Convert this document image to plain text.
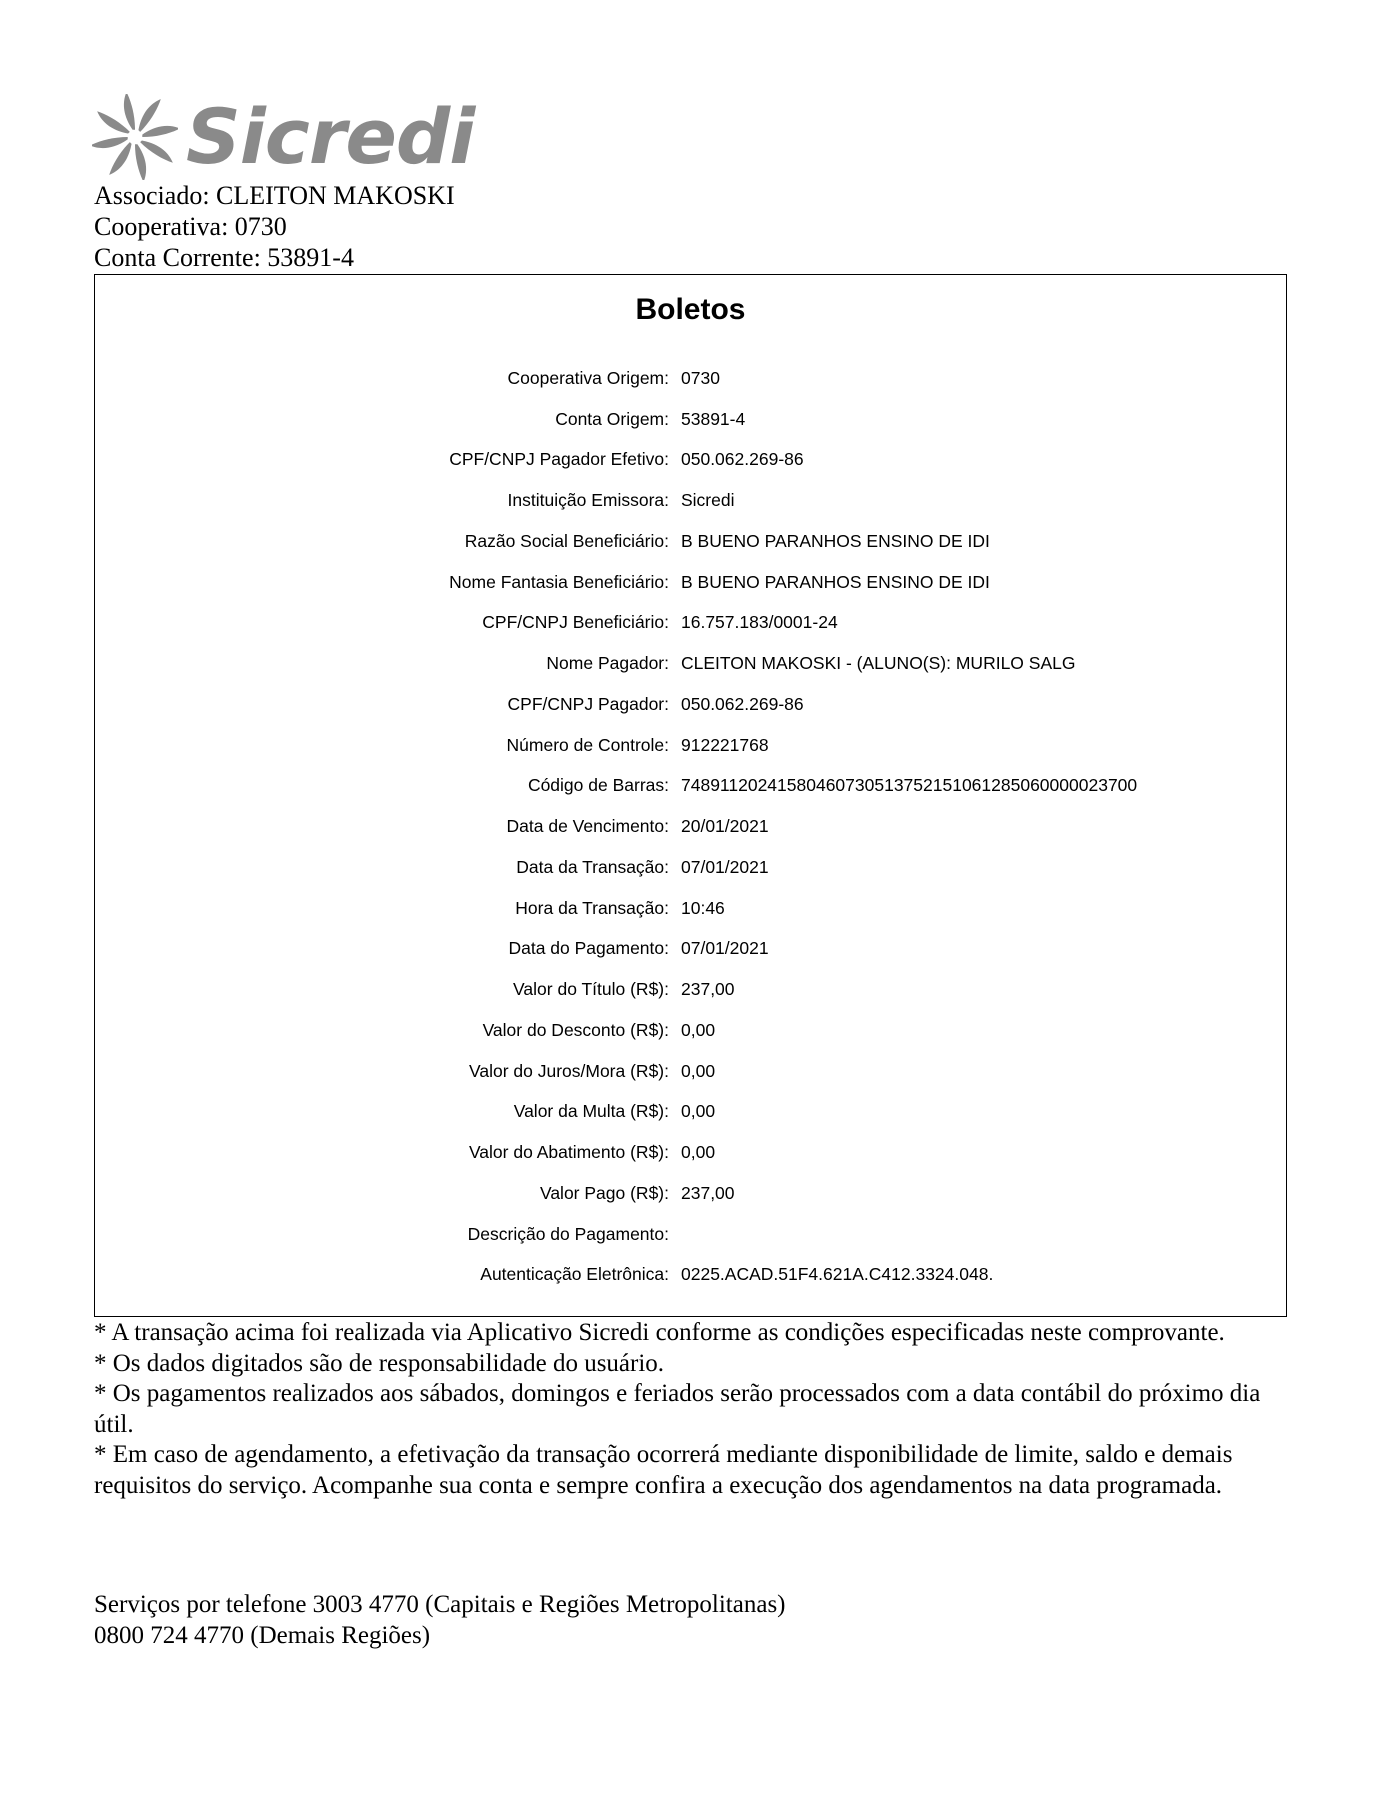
Sicredi
Associado: CLEITON MAKOSKI
Cooperativa: 0730
Conta Corrente: 53891-4
Boletos
Cooperativa Origem: 0730
Conta Origem: 53891-4
CPF/CNPJ Pagador Efetivo: 050.062.269-86
Instituição Emissora: Sicredi
Razão Social Beneficiário: B BUENO PARANHOS ENSINO DE IDI
Nome Fantasia Beneficiário: B BUENO PARANHOS ENSINO DE IDI
CPF/CNPJ Beneficiário: 16.757.183/0001-24
Nome Pagador: CLEITON MAKOSKI - (ALUNO(S): MURILO SALG
CPF/CNPJ Pagador: 050.062.269-86
Número de Controle: 912221768
Código de Barras: 74891120241580460730513752151061285060000023700
Data de Vencimento: 20/01/2021
Data da Transação: 07/01/2021
Hora da Transação: 10:46
Data do Pagamento: 07/01/2021
Valor do Título (R$): 237,00
Valor do Desconto (R$): 0,00
Valor do Juros/Mora (R$): 0,00
Valor da Multa (R$): 0,00
Valor do Abatimento (R$): 0,00
Valor Pago (R$): 237,00
Descrição do Pagamento:
Autenticação Eletrônica: 0225.ACAD.51F4.621A.C412.3324.048.

* A transação acima foi realizada via Aplicativo Sicredi conforme as condições especificadas neste comprovante.

* Os dados digitados são de responsabilidade do usuário.

* Os pagamentos realizados aos sábados, domingos e feriados serão processados com a data contábil do próximo dia útil.

* Em caso de agendamento, a efetivação da transação ocorrerá mediante disponibilidade de limite, saldo e demais requisitos do serviço. Acompanhe sua conta e sempre confira a execução dos agendamentos na data programada.

Serviços por telefone 3003 4770 (Capitais e Regiões Metropolitanas)

0800 724 4770 (Demais Regiões)
